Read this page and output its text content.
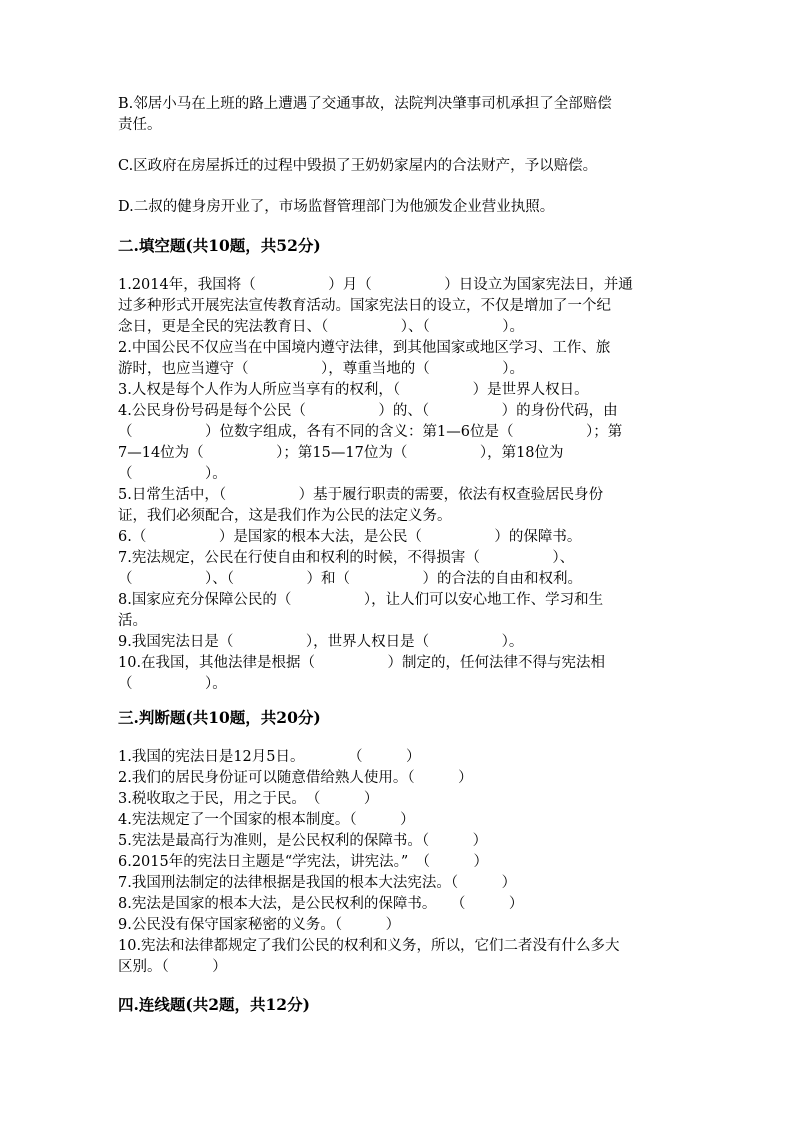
B.邻居小马在上班的路上遭遇了交通事故，法院判决肇事司机承担了全部赔偿
责任。
C.区政府在房屋拆迁的过程中毁损了王奶奶家屋内的合法财产，予以赔偿。
D.二叔的健身房开业了，市场监督管理部门为他颁发企业营业执照。
二.填空题(共10题，共52分)
1.2014年，我国将（　　　　　）月（　　　　　）日设立为国家宪法日，并通
过多种形式开展宪法宣传教育活动。国家宪法日的设立，不仅是增加了一个纪
念日，更是全民的宪法教育日、（　　　　　）、（　　　　　）。
2.中国公民不仅应当在中国境内遵守法律，到其他国家或地区学习、工作、旅
游时，也应当遵守（　　　　　），尊重当地的（　　　　　）。
3.人权是每个人作为人所应当享有的权利，（　　　　　）是世界人权日。
4.公民身份号码是每个公民（　　　　　）的、（　　　　　）的身份代码，由
（　　　　　）位数字组成，各有不同的含义：第1—6位是（　　　　　）；第
7—14位为（　　　　　）；第15—17位为（　　　　　），第18位为
（　　　　　）。
5.日常生活中，（　　　　　）基于履行职责的需要，依法有权查验居民身份
证，我们必须配合，这是我们作为公民的法定义务。
6.（　　　　　）是国家的根本大法，是公民（　　　　　）的保障书。
7.宪法规定，公民在行使自由和权利的时候，不得损害（　　　　　）、
（　　　　　）、（　　　　　）和（　　　　　）的合法的自由和权利。
8.国家应充分保障公民的（　　　　　），让人们可以安心地工作、学习和生
活。
9.我国宪法日是（　　　　　），世界人权日是（　　　　　）。
10.在我国，其他法律是根据（　　　　　）制定的，任何法律不得与宪法相
（　　　　　）。
三.判断题(共10题，共20分)
1.我国的宪法日是12月5日。　　　　（　　　）
2.我们的居民身份证可以随意借给熟人使用。（　　　）
3.税收取之于民，用之于民。　（　　　）
4.宪法规定了一个国家的根本制度。（　　　）
5.宪法是最高行为准则，是公民权利的保障书。（　　　）
6.2015年的宪法日主题是“学宪法，讲宪法。”　（　　　）
7.我国刑法制定的法律根据是我国的根本大法宪法。（　　　）
8.宪法是国家的根本大法，是公民权利的保障书。　　（　　　）
9.公民没有保守国家秘密的义务。（　　　）
10.宪法和法律都规定了我们公民的权利和义务，所以，它们二者没有什么多大
区别。（　　　）
四.连线题(共2题，共12分)
